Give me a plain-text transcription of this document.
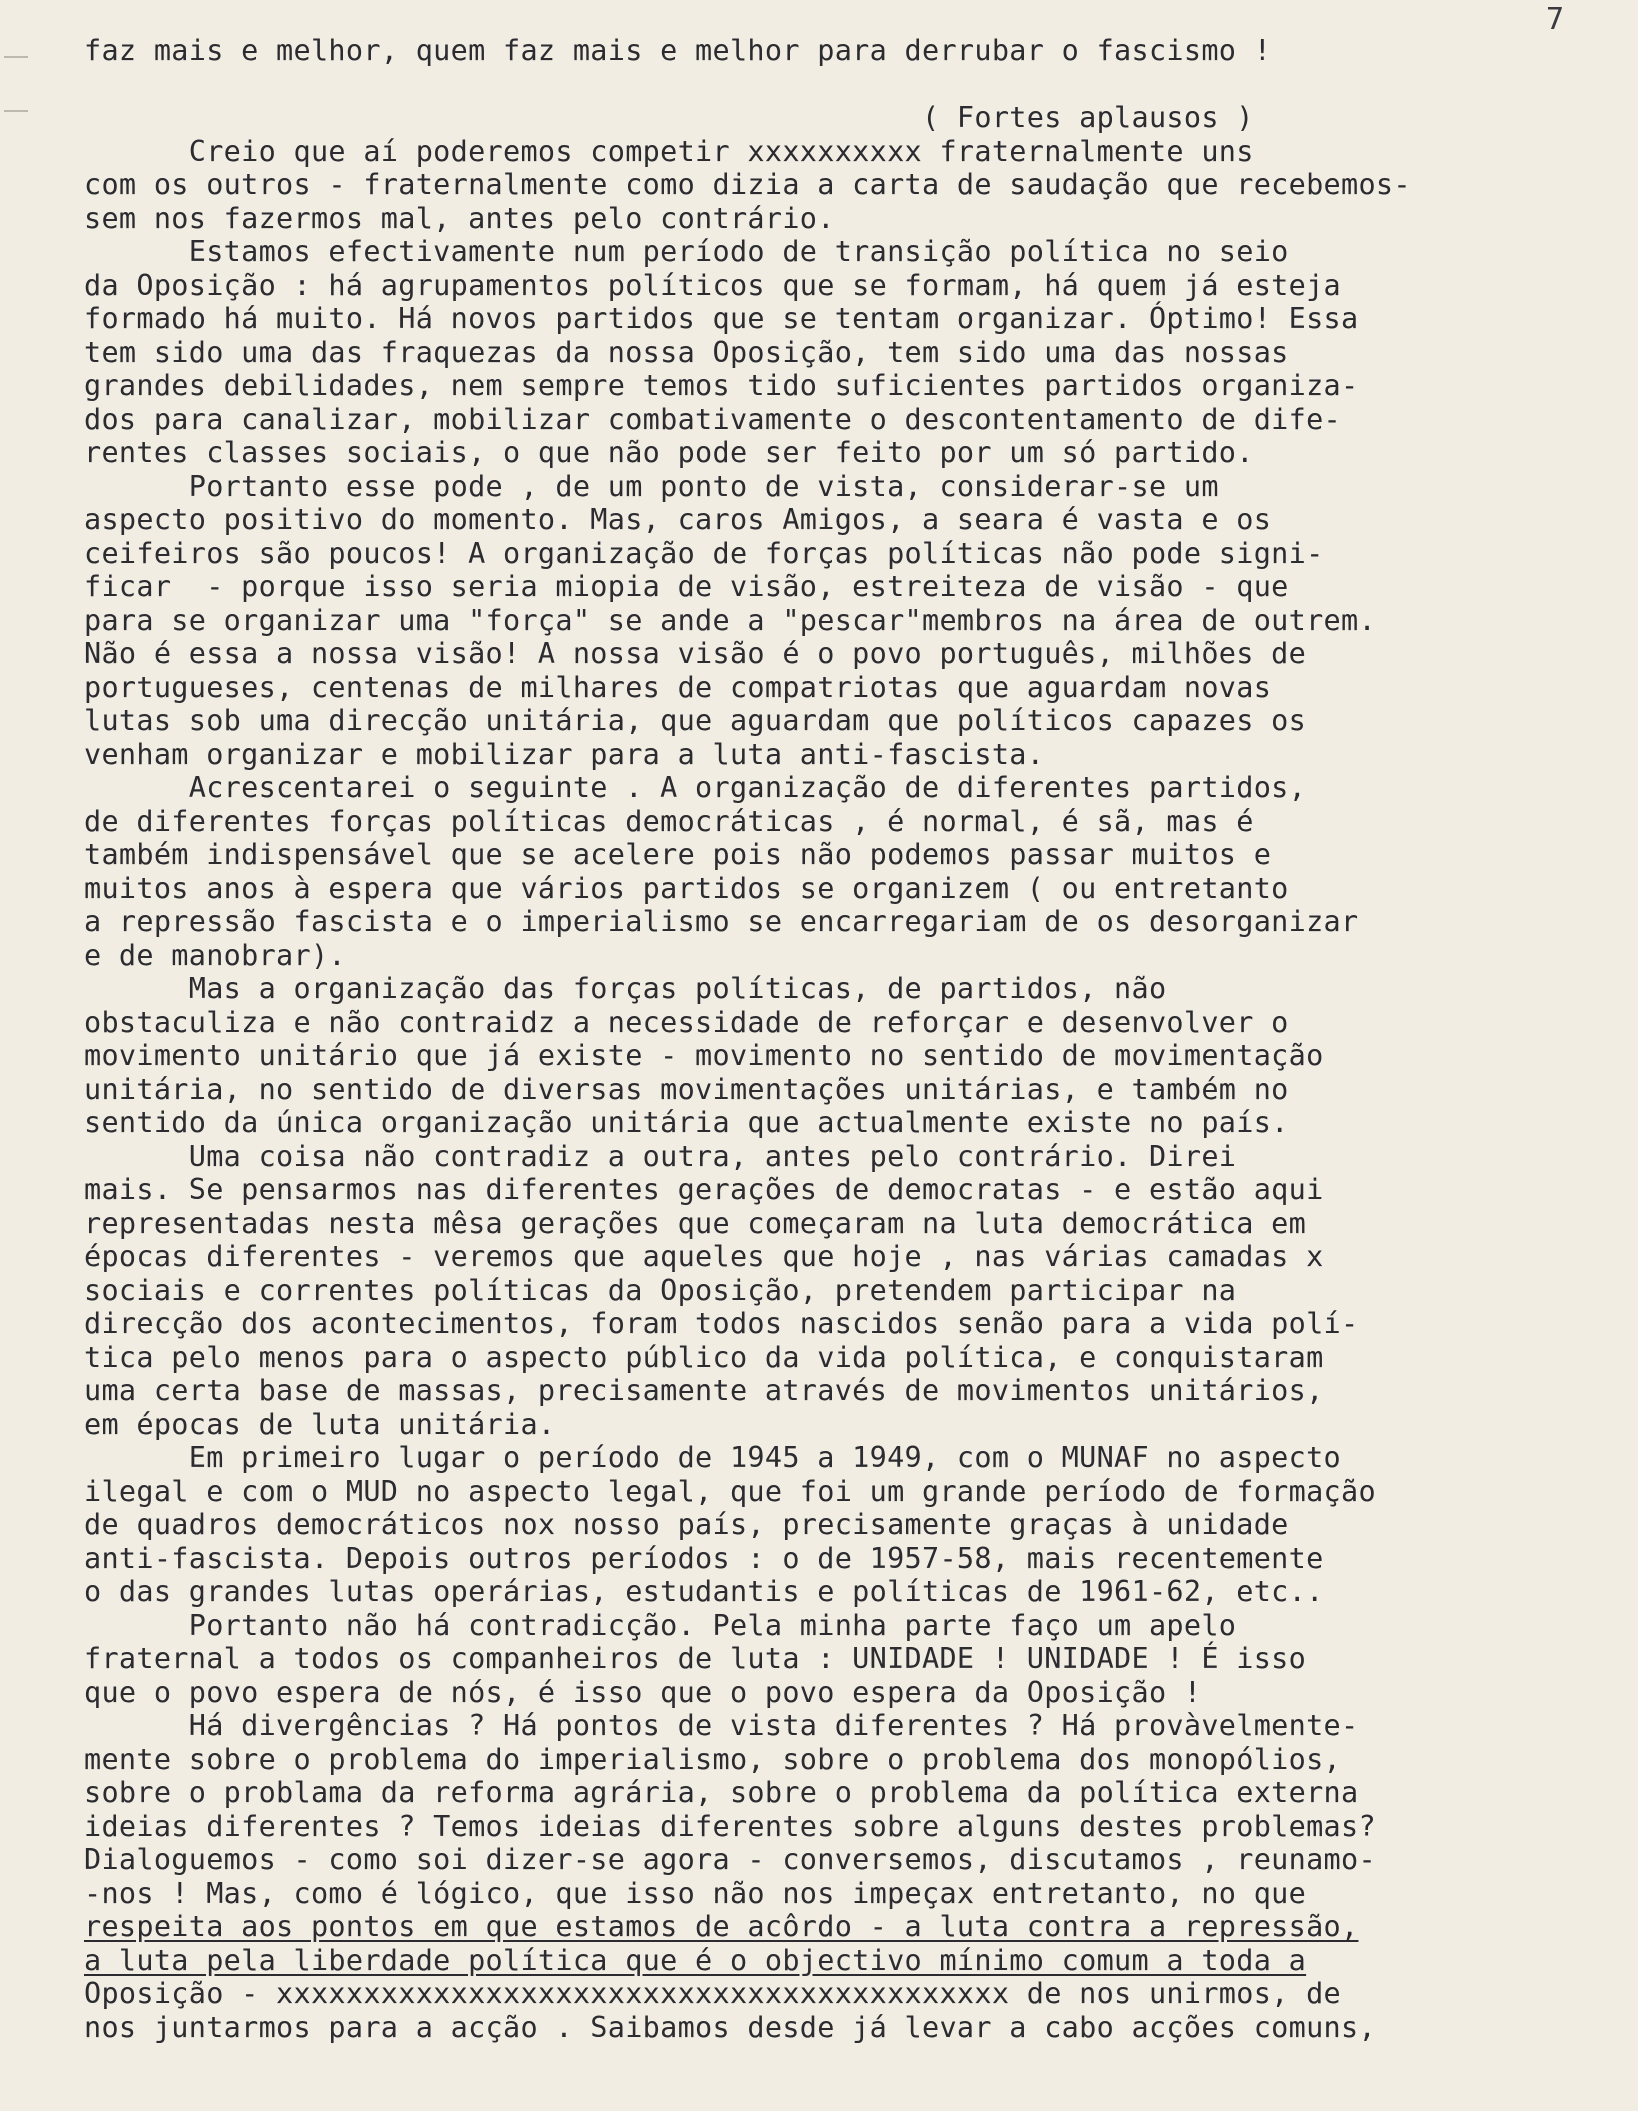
7
faz mais e melhor, quem faz mais e melhor para derrubar o fascismo !
( Fortes aplausos )
Creio que aí poderemos competir xxxxxxxxxx fraternalmente uns
com os outros - fraternalmente como dizia a carta de saudação que recebemos-
sem nos fazermos mal, antes pelo contrário.
Estamos efectivamente num período de transição política no seio
da Oposição : há agrupamentos políticos que se formam, há quem já esteja
formado há muito. Há novos partidos que se tentam organizar. Óptimo! Essa
tem sido uma das fraquezas da nossa Oposição, tem sido uma das nossas
grandes debilidades, nem sempre temos tido suficientes partidos organiza-
dos para canalizar, mobilizar combativamente o descontentamento de dife-
rentes classes sociais, o que não pode ser feito por um só partido.
Portanto esse pode , de um ponto de vista, considerar-se um
aspecto positivo do momento. Mas, caros Amigos, a seara é vasta e os
ceifeiros são poucos! A organização de forças políticas não pode signi-
ficar  - porque isso seria miopia de visão, estreiteza de visão - que
para se organizar uma "força" se ande a "pescar"membros na área de outrem.
Não é essa a nossa visão! A nossa visão é o povo português, milhões de
portugueses, centenas de milhares de compatriotas que aguardam novas
lutas sob uma direcção unitária, que aguardam que políticos capazes os
venham organizar e mobilizar para a luta anti-fascista.
Acrescentarei o seguinte . A organização de diferentes partidos,
de diferentes forças políticas democráticas , é normal, é sã, mas é
também indispensável que se acelere pois não podemos passar muitos e
muitos anos à espera que vários partidos se organizem ( ou entretanto
a repressão fascista e o imperialismo se encarregariam de os desorganizar
e de manobrar).
Mas a organização das forças políticas, de partidos, não
obstaculiza e não contraidz a necessidade de reforçar e desenvolver o
movimento unitário que já existe - movimento no sentido de movimentação
unitária, no sentido de diversas movimentações unitárias, e também no
sentido da única organização unitária que actualmente existe no país.
Uma coisa não contradiz a outra, antes pelo contrário. Direi
mais. Se pensarmos nas diferentes gerações de democratas - e estão aqui
representadas nesta mêsa gerações que começaram na luta democrática em
épocas diferentes - veremos que aqueles que hoje , nas várias camadas x
sociais e correntes políticas da Oposição, pretendem participar na
direcção dos acontecimentos, foram todos nascidos senão para a vida polí-
tica pelo menos para o aspecto público da vida política, e conquistaram
uma certa base de massas, precisamente através de movimentos unitários,
em épocas de luta unitária.
Em primeiro lugar o período de 1945 a 1949, com o MUNAF no aspecto
ilegal e com o MUD no aspecto legal, que foi um grande período de formação
de quadros democráticos nox nosso país, precisamente graças à unidade
anti-fascista. Depois outros períodos : o de 1957-58, mais recentemente
o das grandes lutas operárias, estudantis e políticas de 1961-62, etc..
Portanto não há contradicção. Pela minha parte faço um apelo
fraternal a todos os companheiros de luta : UNIDADE ! UNIDADE ! É isso
que o povo espera de nós, é isso que o povo espera da Oposição !
Há divergências ? Há pontos de vista diferentes ? Há provàvelmente-
mente sobre o problema do imperialismo, sobre o problema dos monopólios,
sobre o problama da reforma agrária, sobre o problema da política externa
ideias diferentes ? Temos ideias diferentes sobre alguns destes problemas?
Dialoguemos - como soi dizer-se agora - conversemos, discutamos , reunamo-
-nos ! Mas, como é lógico, que isso não nos impeçax entretanto, no que
respeita aos pontos em que estamos de acôrdo - a luta contra a repressão,
a luta pela liberdade política que é o objectivo mínimo comum a toda a
Oposição - xxxxxxxxxxxxxxxxxxxxxxxxxxxxxxxxxxxxxxxxxx de nos unirmos, de
nos juntarmos para a acção . Saibamos desde já levar a cabo acções comuns,
